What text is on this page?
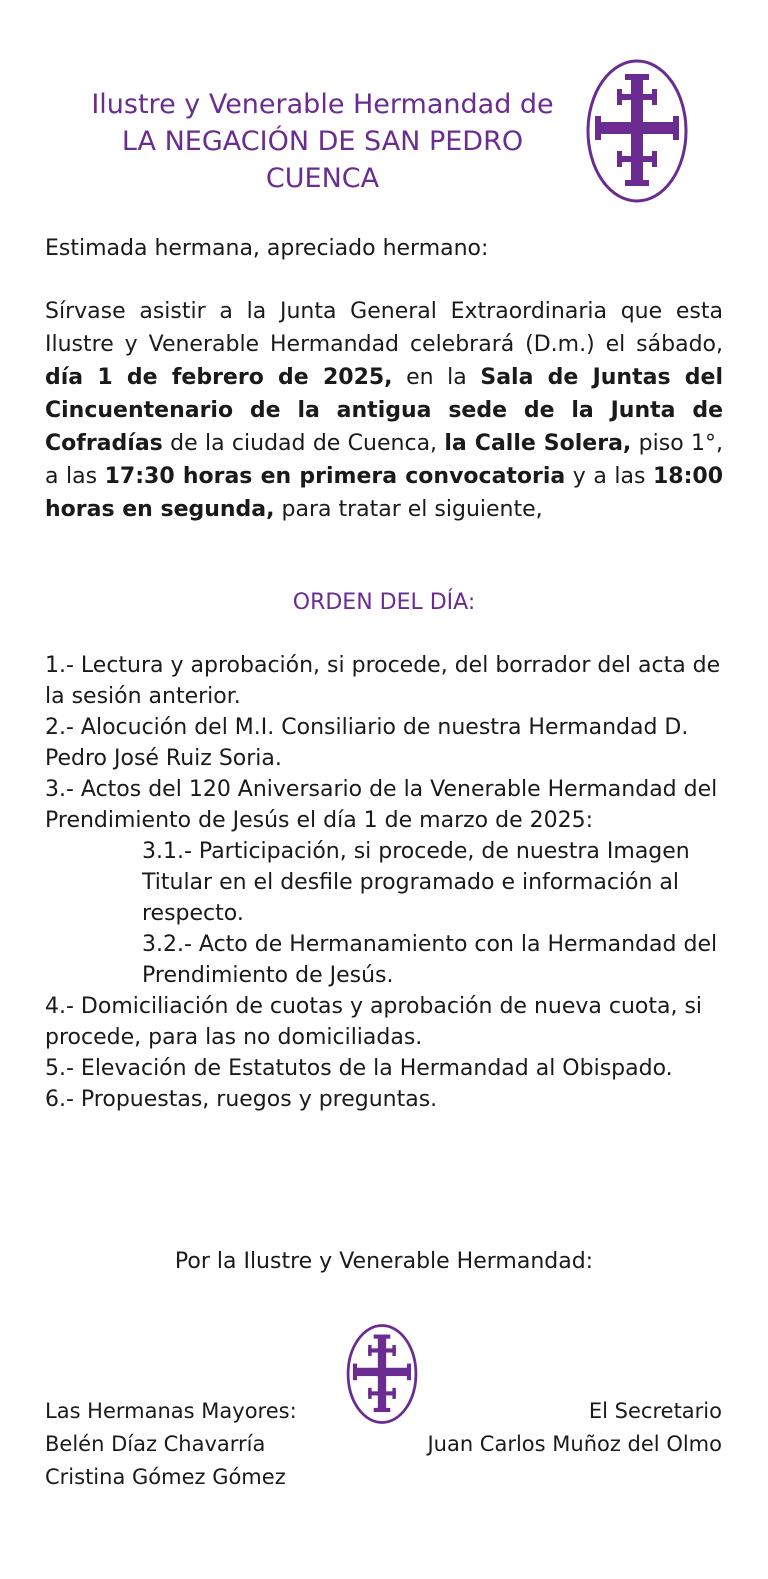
Ilustre y Venerable Hermandad de
LA NEGACIÓN DE SAN PEDRO
CUENCA
Estimada hermana, apreciado hermano:
Sírvase asistir a la Junta General Extraordinaria que esta Ilustre y Venerable Hermandad celebrará (D.m.) el sábado, día 1 de febrero de 2025, en la Sala de Juntas del Cincuentenario de la antigua sede de la Junta de Cofradías de la ciudad de Cuenca, la Calle Solera, piso 1°, a las 17:30 horas en primera convocatoria y a las 18:00 horas en segunda, para tratar el siguiente,
ORDEN DEL DÍA:
1.- Lectura y aprobación, si procede, del borrador del acta de la sesión anterior.
2.- Alocución del M.I. Consiliario de nuestra Hermandad D. Pedro José Ruiz Soria.
3.- Actos del 120 Aniversario de la Venerable Hermandad del Prendimiento de Jesús el día 1 de marzo de 2025:
3.1.- Participación, si procede, de nuestra Imagen Titular en el desfile programado e información al respecto.
3.2.- Acto de Hermanamiento con la Hermandad del Prendimiento de Jesús.
4.- Domiciliación de cuotas y aprobación de nueva cuota, si procede, para las no domiciliadas.
5.- Elevación de Estatutos de la Hermandad al Obispado.
6.- Propuestas, ruegos y preguntas.
Por la Ilustre y Venerable Hermandad:
Las Hermanas Mayores:
Belén Díaz Chavarría
Cristina Gómez Gómez
El Secretario
Juan Carlos Muñoz del Olmo
